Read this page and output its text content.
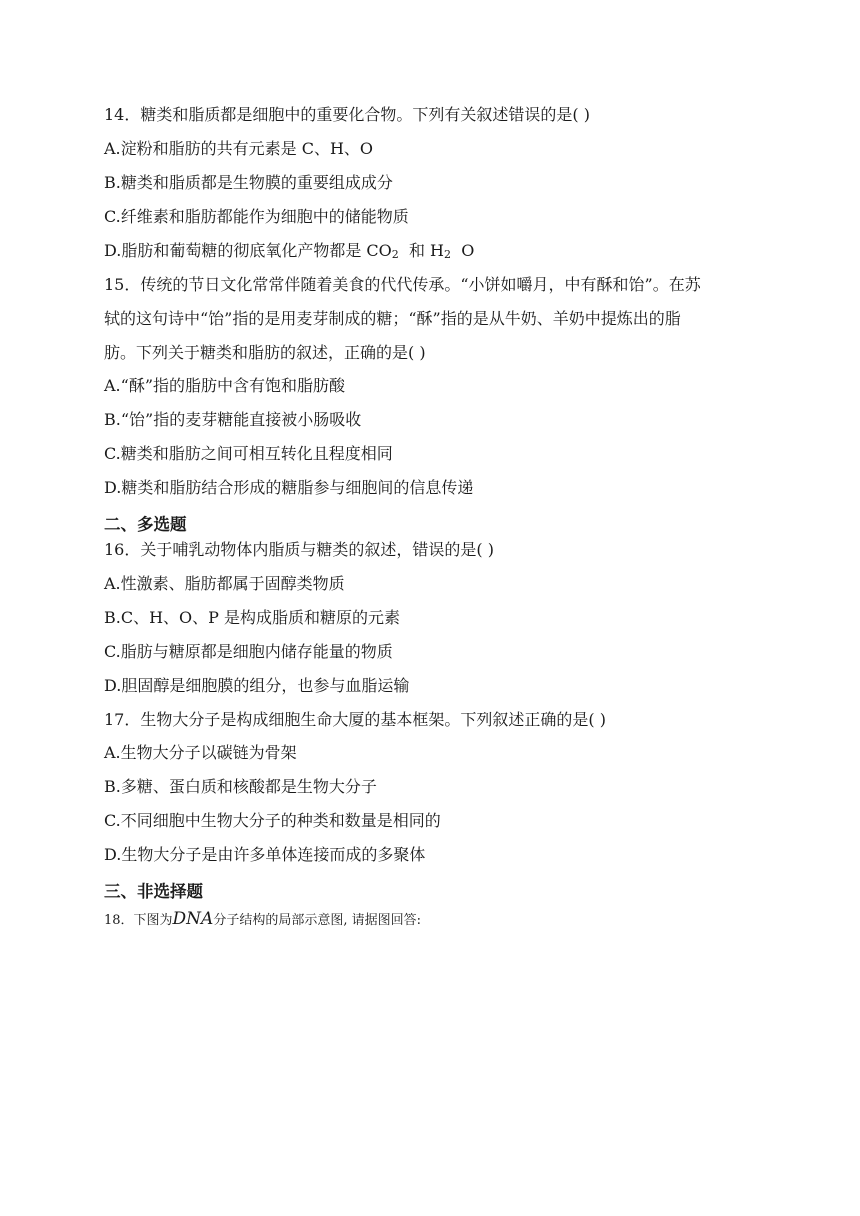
14．糖类和脂质都是细胞中的重要化合物。下列有关叙述错误的是( )
A.淀粉和脂肪的共有元素是 C、H、O
B.糖类和脂质都是生物膜的重要组成成分
C.纤维素和脂肪都能作为细胞中的储能物质
D.脂肪和葡萄糖的彻底氧化产物都是 CO2  和 H2  O
15．传统的节日文化常常伴随着美食的代代传承。“小饼如嚼月，中有酥和饴”。在苏
轼的这句诗中“饴”指的是用麦芽制成的糖；“酥”指的是从牛奶、羊奶中提炼出的脂
肪。下列关于糖类和脂肪的叙述，正确的是( )
A.“酥”指的脂肪中含有饱和脂肪酸
B.“饴”指的麦芽糖能直接被小肠吸收
C.糖类和脂肪之间可相互转化且程度相同
D.糖类和脂肪结合形成的糖脂参与细胞间的信息传递
二、多选题
16．关于哺乳动物体内脂质与糖类的叙述，错误的是( )
A.性激素、脂肪都属于固醇类物质
B.C、H、O、P 是构成脂质和糖原的元素
C.脂肪与糖原都是细胞内储存能量的物质
D.胆固醇是细胞膜的组分，也参与血脂运输
17．生物大分子是构成细胞生命大厦的基本框架。下列叙述正确的是( )
A.生物大分子以碳链为骨架
B.多糖、蛋白质和核酸都是生物大分子
C.不同细胞中生物大分子的种类和数量是相同的
D.生物大分子是由许多单体连接而成的多聚体
三、非选择题
18．下图为DNA分子结构的局部示意图, 请据图回答:
